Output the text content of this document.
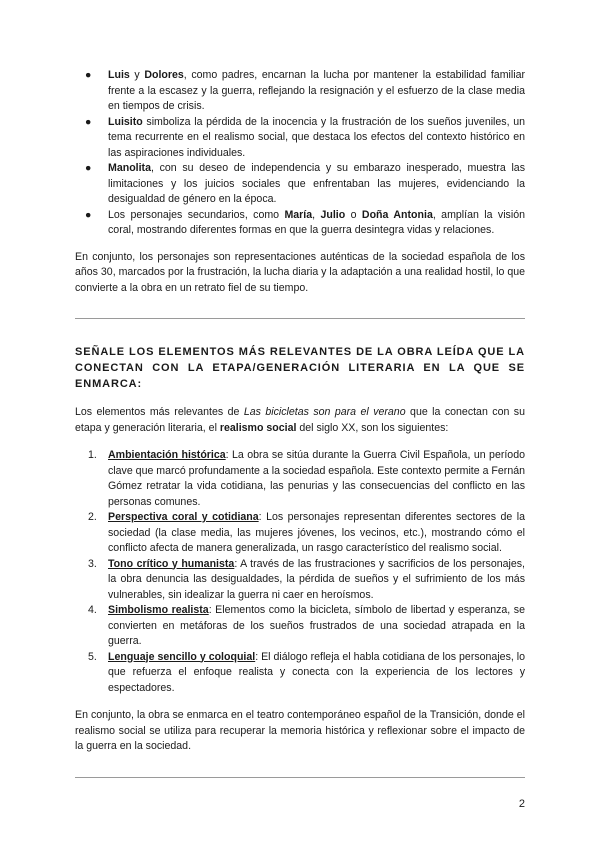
● Luis y Dolores, como padres, encarnan la lucha por mantener la estabilidad familiar frente a la escasez y la guerra, reflejando la resignación y el esfuerzo de la clase media en tiempos de crisis.
● Luisito simboliza la pérdida de la inocencia y la frustración de los sueños juveniles, un tema recurrente en el realismo social, que destaca los efectos del contexto histórico en las aspiraciones individuales.
● Manolita, con su deseo de independencia y su embarazo inesperado, muestra las limitaciones y los juicios sociales que enfrentaban las mujeres, evidenciando la desigualdad de género en la época.
● Los personajes secundarios, como María, Julio o Doña Antonia, amplían la visión coral, mostrando diferentes formas en que la guerra desintegra vidas y relaciones.

En conjunto, los personajes son representaciones auténticas de la sociedad española de los años 30, marcados por la frustración, la lucha diaria y la adaptación a una realidad hostil, lo que convierte a la obra en un retrato fiel de su tiempo.

SEÑALE LOS ELEMENTOS MÁS RELEVANTES DE LA OBRA LEÍDA QUE LA CONECTAN CON LA ETAPA/GENERACIÓN LITERARIA EN LA QUE SE ENMARCA:

Los elementos más relevantes de Las bicicletas son para el verano que la conectan con su etapa y generación literaria, el realismo social del siglo XX, son los siguientes:

1. Ambientación histórica: La obra se sitúa durante la Guerra Civil Española, un período clave que marcó profundamente a la sociedad española. Este contexto permite a Fernán Gómez retratar la vida cotidiana, las penurias y las consecuencias del conflicto en las personas comunes.
2. Perspectiva coral y cotidiana: Los personajes representan diferentes sectores de la sociedad (la clase media, las mujeres jóvenes, los vecinos, etc.), mostrando cómo el conflicto afecta de manera generalizada, un rasgo característico del realismo social.
3. Tono crítico y humanista: A través de las frustraciones y sacrificios de los personajes, la obra denuncia las desigualdades, la pérdida de sueños y el sufrimiento de los más vulnerables, sin idealizar la guerra ni caer en heroísmos.
4. Simbolismo realista: Elementos como la bicicleta, símbolo de libertad y esperanza, se convierten en metáforas de los sueños frustrados de una sociedad atrapada en la guerra.
5. Lenguaje sencillo y coloquial: El diálogo refleja el habla cotidiana de los personajes, lo que refuerza el enfoque realista y conecta con la experiencia de los lectores y espectadores.

En conjunto, la obra se enmarca en el teatro contemporáneo español de la Transición, donde el realismo social se utiliza para recuperar la memoria histórica y reflexionar sobre el impacto de la guerra en la sociedad.

2
